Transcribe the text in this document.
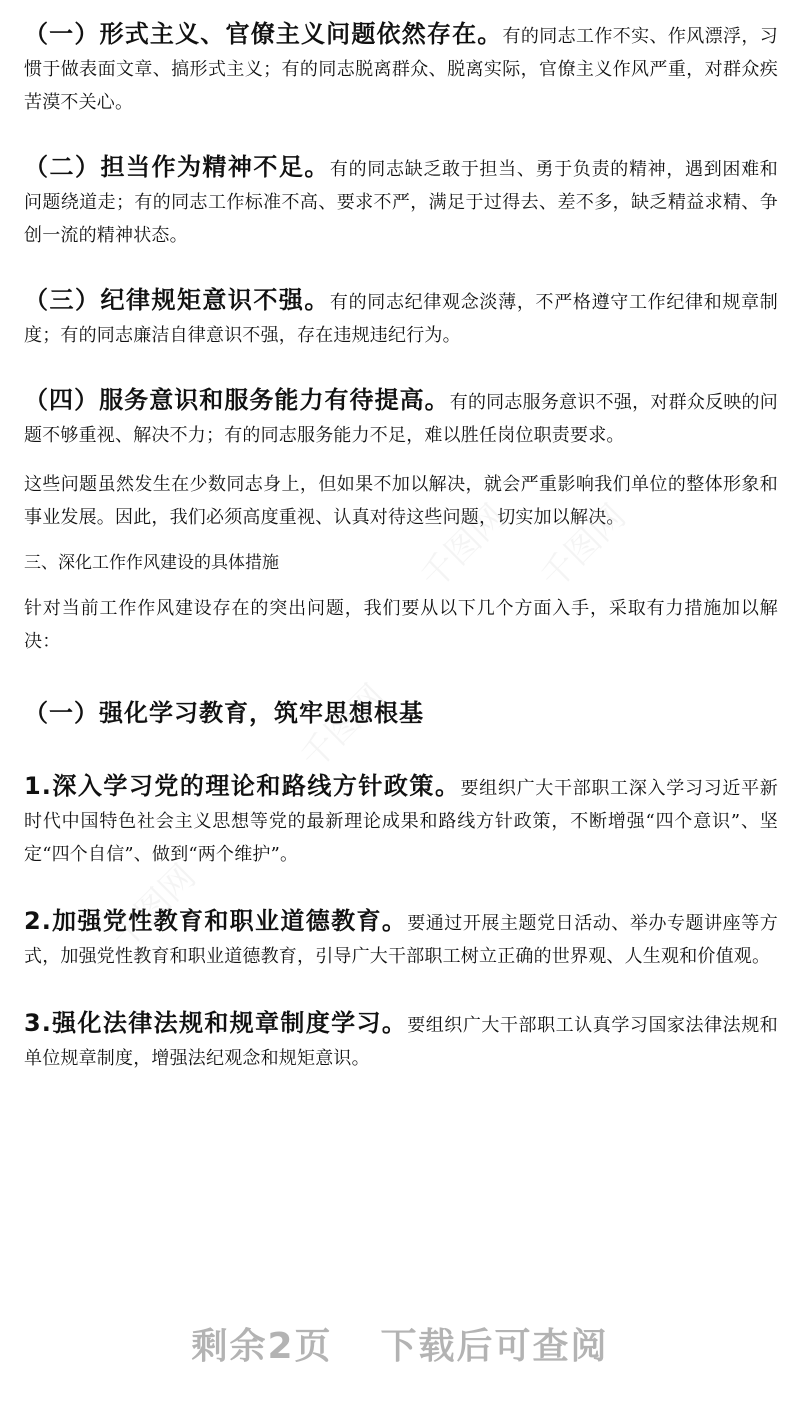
（一）形式主义、官僚主义问题依然存在。有的同志工作不实、作风漂浮，习惯于做表面文章、搞形式主义；有的同志脱离群众、脱离实际，官僚主义作风严重，对群众疾苦漠不关心。

（二）担当作为精神不足。有的同志缺乏敢于担当、勇于负责的精神，遇到困难和问题绕道走；有的同志工作标准不高、要求不严，满足于过得去、差不多，缺乏精益求精、争创一流的精神状态。

（三）纪律规矩意识不强。有的同志纪律观念淡薄，不严格遵守工作纪律和规章制度；有的同志廉洁自律意识不强，存在违规违纪行为。

（四）服务意识和服务能力有待提高。有的同志服务意识不强，对群众反映的问题不够重视、解决不力；有的同志服务能力不足，难以胜任岗位职责要求。

这些问题虽然发生在少数同志身上，但如果不加以解决，就会严重影响我们单位的整体形象和事业发展。因此，我们必须高度重视、认真对待这些问题，切实加以解决。

三、深化工作作风建设的具体措施

针对当前工作作风建设存在的突出问题，我们要从以下几个方面入手，采取有力措施加以解决：

（一）强化学习教育，筑牢思想根基

1.深入学习党的理论和路线方针政策。要组织广大干部职工深入学习习近平新时代中国特色社会主义思想等党的最新理论成果和路线方针政策，不断增强“四个意识”、坚定“四个自信”、做到“两个维护”。

2.加强党性教育和职业道德教育。要通过开展主题党日活动、举办专题讲座等方式，加强党性教育和职业道德教育，引导广大干部职工树立正确的世界观、人生观和价值观。

3.强化法律法规和规章制度学习。要组织广大干部职工认真学习国家法律法规和单位规章制度，增强法纪观念和规矩意识。

千图网 千图网
千图网
千图网
剩余2页 下载后可查阅
